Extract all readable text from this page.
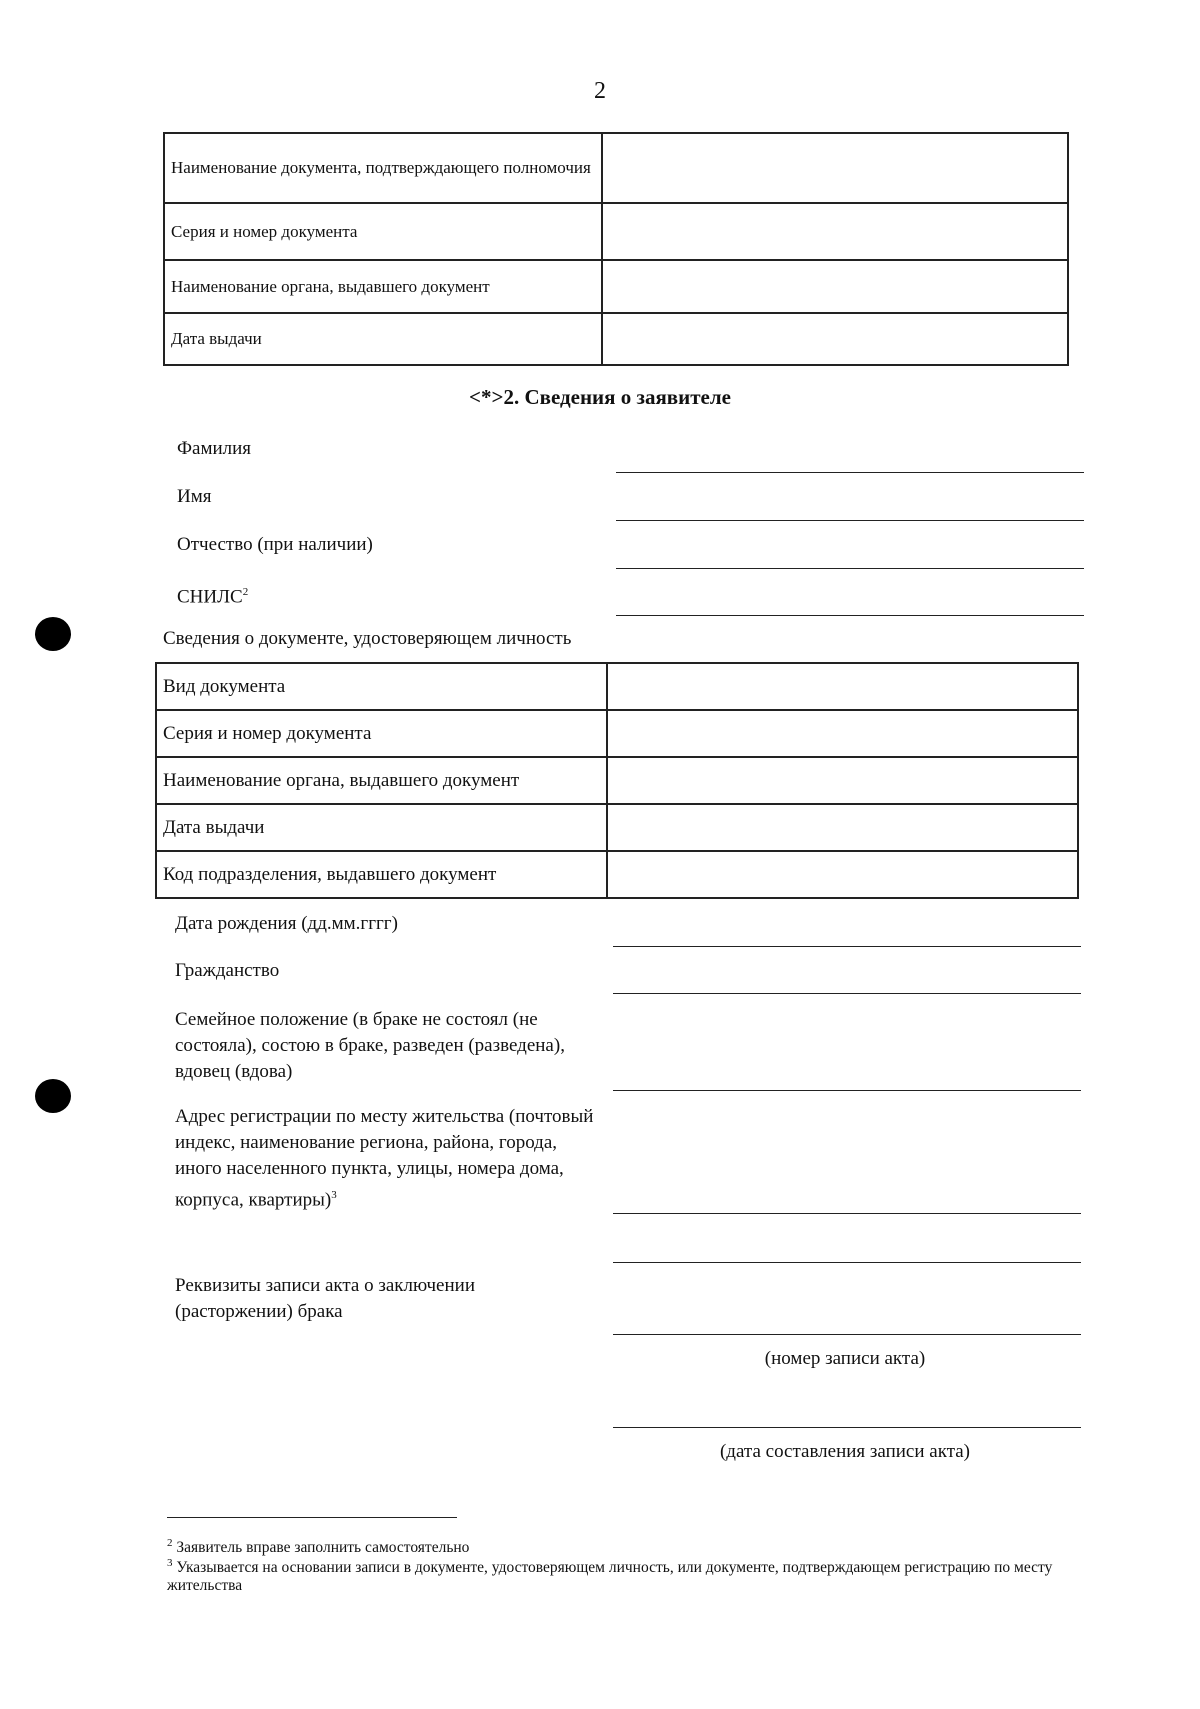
2
Наименование документа, подтверждающего полномочия	
Серия и номер документа	
Наименование органа, выдавшего документ	
Дата выдачи	
<*>2. Сведения о заявителе
Фамилия
Имя
Отчество (при наличии)
СНИЛС$^2$
Сведения о документе, удостоверяющем личность
Вид документа	
Серия и номер документа	
Наименование органа, выдавшего документ	
Дата выдачи	
Код подразделения, выдавшего документ	
Дата рождения (дд.мм.гггг)
Гражданство
Семейное положение (в браке не состоял (не состояла), состою в браке, разведен (разведена), вдовец (вдова)
Адрес регистрации по месту жительства (почтовый индекс, наименование региона, района, города, иного населенного пункта, улицы, номера дома, корпуса, квартиры)$^3$
Реквизиты записи акта о заключении (расторжении) брака
(номер записи акта)
(дата составления записи акта)
$^2$ Заявитель вправе заполнить самостоятельно
$^3$ Указывается на основании записи в документе, удостоверяющем личность, или документе, подтверждающем регистрацию по месту жительства
